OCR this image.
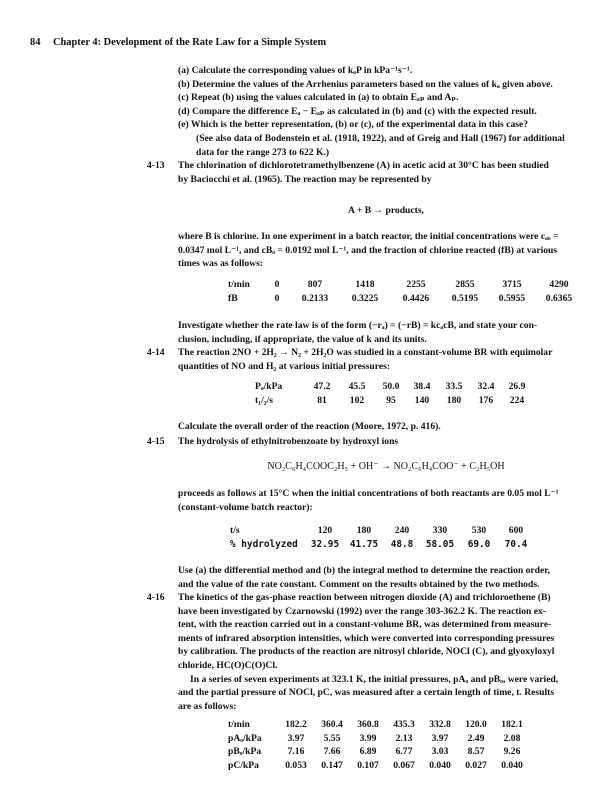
84 Chapter 4: Development of the Rate Law for a Simple System
(a) Calculate the corresponding values of kₐP in kPa⁻¹s⁻¹.
(b) Determine the values of the Arrhenius parameters based on the values of kₐ given above.
(c) Repeat (b) using the values calculated in (a) to obtain Eₐₚ and Aₚ.
(d) Compare the difference Eₐ − Eₐₚ as calculated in (b) and (c) with the expected result.
(e) Which is the better representation, (b) or (c), of the experimental data in this case?
(See also data of Bodenstein et al. (1918, 1922), and of Greig and Hall (1967) for additional
data for the range 273 to 622 K.)
4-13 The chlorination of dichlorotetramethylbenzene (A) in acetic acid at 30°C has been studied
by Baciocchi et al. (1965). The reaction may be represented by
A + B → products,
where B is chlorine. In one experiment in a batch reactor, the initial concentrations were cₐₒ =
0.0347 mol L⁻¹, and cBₒ = 0.0192 mol L⁻¹, and the fraction of chlorine reacted (fB) at various
times was as follows:
t/min	0	807	1418	2255	2855	3715	4290
fB	0	0.2133	0.3225	0.4426	0.5195	0.5955	0.6365
Investigate whether the rate law is of the form (−rₐ) = (−rB) = kcₐcB, and state your con-
clusion, including, if appropriate, the value of k and its units.
4-14 The reaction 2NO + 2H₂ → N₂ + 2H₂O was studied in a constant-volume BR with equimolar
quantities of NO and H₂ at various initial pressures:
Pₒ/kPa	47.2	45.5	50.0	38.4	33.5	32.4	26.9
t₁/₂/s	81	102	95	140	180	176	224
Calculate the overall order of the reaction (Moore, 1972, p. 416).
4-15 The hydrolysis of ethylnitrobenzoate by hydroxyl ions
NO₂C₆H₄COOC₂H₅ + OH⁻ → NO₂C₆H₄COO⁻ + C₂H₅OH
proceeds as follows at 15°C when the initial concentrations of both reactants are 0.05 mol L⁻¹
(constant-volume batch reactor):
t/s	120	180	240	330	530	600
% hydrolyzed	32.95	41.75	48.8	58.05	69.0	70.4
Use (a) the differential method and (b) the integral method to determine the reaction order,
and the value of the rate constant. Comment on the results obtained by the two methods.
4-16 The kinetics of the gas-phase reaction between nitrogen dioxide (A) and trichloroethene (B)
have been investigated by Czarnowski (1992) over the range 303-362.2 K. The reaction ex-
tent, with the reaction carried out in a constant-volume BR, was determined from measure-
ments of infrared absorption intensities, which were converted into corresponding pressures
by calibration. The products of the reaction are nitrosyl chloride, NOCl (C), and glyoxyloxyl
chloride, HC(O)C(O)Cl.
In a series of seven experiments at 323.1 K, the initial pressures, pAₒ and pBₒ, were varied,
and the partial pressure of NOCl, pC, was measured after a certain length of time, t. Results
are as follows:
t/min	182.2	360.4	360.8	435.3	332.8	120.0	182.1
pAₒ/kPa	3.97	5.55	3.99	2.13	3.97	2.49	2.08
pBₒ/kPa	7.16	7.66	6.89	6.77	3.03	8.57	9.26
pC/kPa	0.053	0.147	0.107	0.067	0.040	0.027	0.040
